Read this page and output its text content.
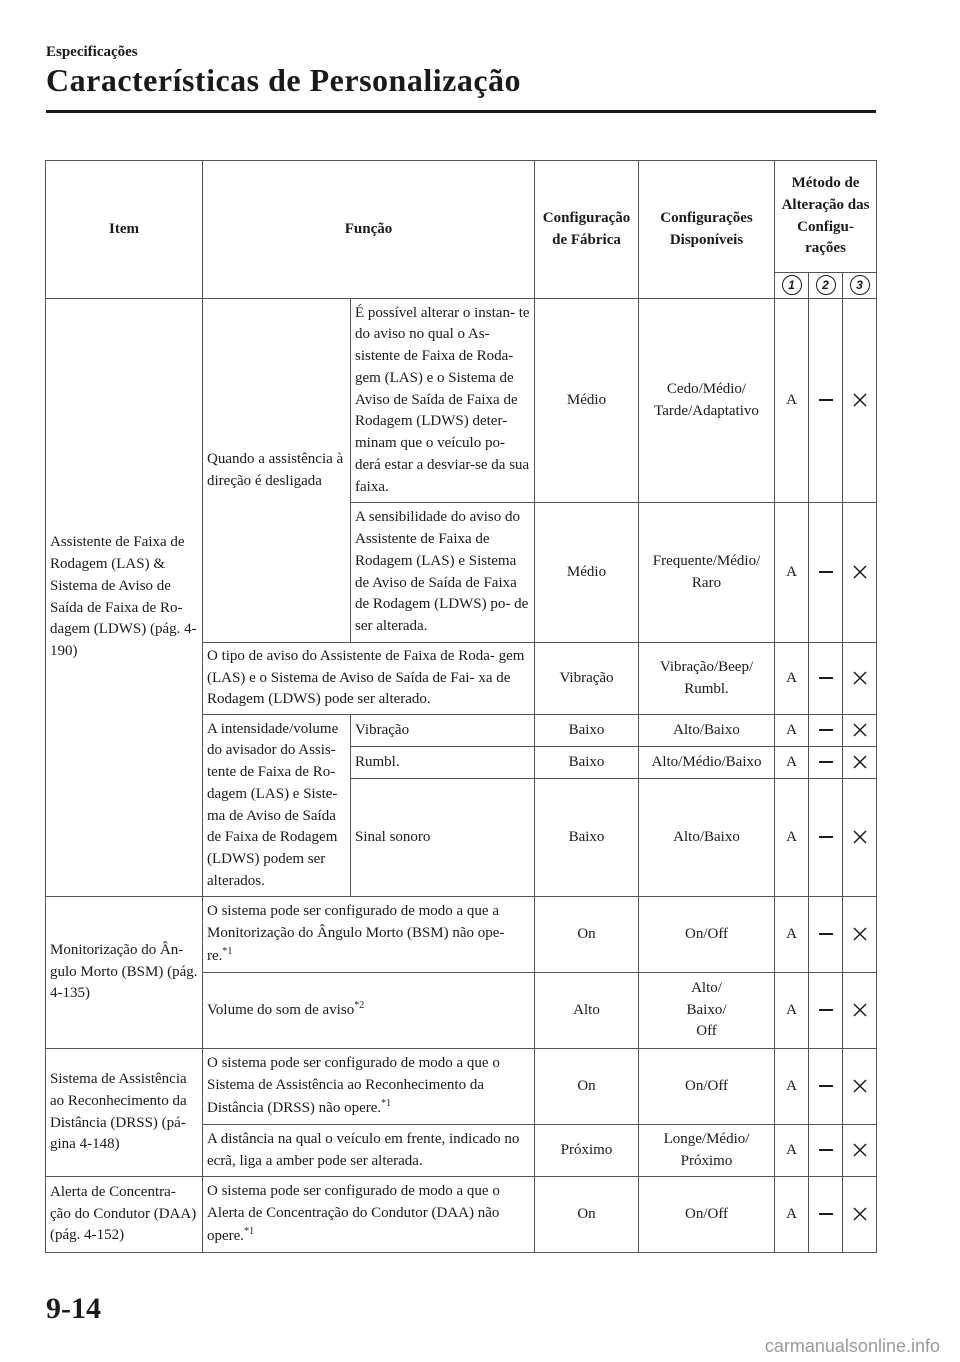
Especificações
Características de Personalização
Item	Função		Configuração de Fábrica	Configurações Disponíveis	Método de Alteração das Configu- rações		
					1	2	3
Assistente de Faixa de Rodagem (LAS) & Sistema de Aviso de Saída de Faixa de Ro- dagem (LDWS) (pág. 4-190)	Quando a assistência à direção é desligada	É possível alterar o instan- te do aviso no qual o As- sistente de Faixa de Roda- gem (LAS) e o Sistema de Aviso de Saída de Faixa de Rodagem (LDWS) deter- minam que o veículo po- derá estar a desviar-se da sua faixa.	Médio	Cedo/Médio/ Tarde/Adaptativo	A		
		A sensibilidade do aviso do Assistente de Faixa de Rodagem (LAS) e Sistema de Aviso de Saída de Faixa de Rodagem (LDWS) po- de ser alterada.	Médio	Frequente/Médio/ Raro	A		
	O tipo de aviso do Assistente de Faixa de Roda- gem (LAS) e o Sistema de Aviso de Saída de Fai- xa de Rodagem (LDWS) pode ser alterado.		Vibração	Vibração/Beep/ Rumbl.	A		
	A intensidade/volume do avisador do Assis- tente de Faixa de Ro- dagem (LAS) e Siste- ma de Aviso de Saída de Faixa de Rodagem (LDWS) podem ser alterados.	Vibração	Baixo	Alto/Baixo	A		
		Rumbl.	Baixo	Alto/Médio/Baixo	A		
		Sinal sonoro	Baixo	Alto/Baixo	A		
Monitorização do Ân- gulo Morto (BSM) (pág. 4-135)	O sistema pode ser configurado de modo a que a Monitorização do Ângulo Morto (BSM) não ope- re.$^{*1}$		On	On/Off	A		
	Volume do som de aviso$^{*2}$		Alto	Alto/ Baixo/ Off	A		
Sistema de Assistência ao Reconhecimento da Distância (DRSS) (pá- gina 4-148)	O sistema pode ser configurado de modo a que o Sistema de Assistência ao Reconhecimento da Distância (DRSS) não opere.$^{*1}$		On	On/Off	A		
	A distância na qual o veículo em frente, indicado no ecrã, liga a amber pode ser alterada.		Próximo	Longe/Médio/ Próximo	A		
Alerta de Concentra- ção do Condutor (DAA) (pág. 4-152)	O sistema pode ser configurado de modo a que o Alerta de Concentração do Condutor (DAA) não opere.$^{*1}$		On	On/Off	A		
9-14
carmanualsonline.info
